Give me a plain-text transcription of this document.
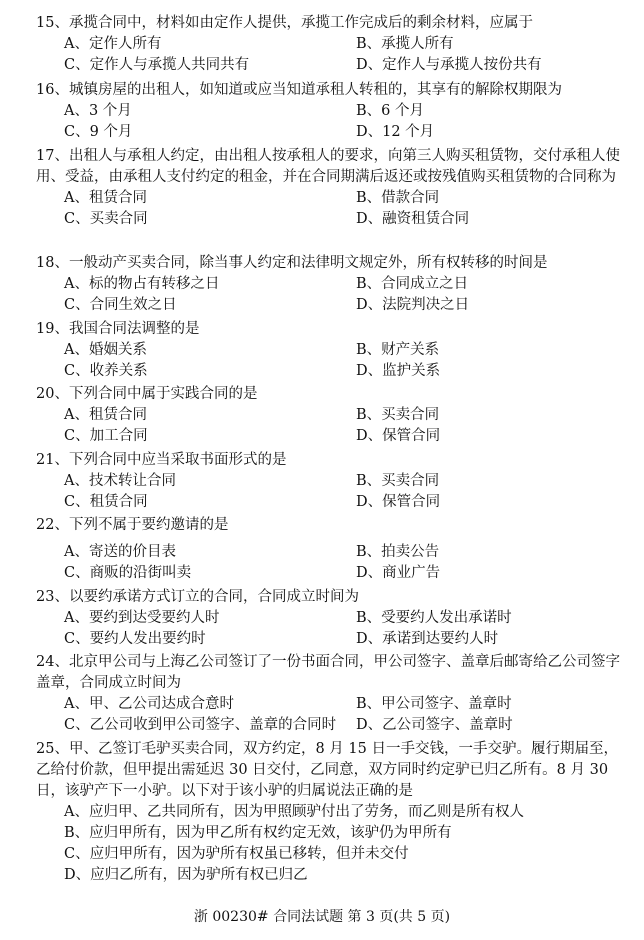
15、承揽合同中，材料如由定作人提供，承揽工作完成后的剩余材料，应属于
A、定作人所有	B、承揽人所有
C、定作人与承揽人共同共有	D、定作人与承揽人按份共有
16、城镇房屋的出租人，如知道或应当知道承租人转租的，其享有的解除权期限为
A、3 个月	B、6 个月
C、9 个月	D、12 个月
17、出租人与承租人约定，由出租人按承租人的要求，向第三人购买租赁物，交付承租人使用、受益，由承租人支付约定的租金，并在合同期满后返还或按残值购买租赁物的合同称为
A、租赁合同	B、借款合同
C、买卖合同	D、融资租赁合同
18、一般动产买卖合同，除当事人约定和法律明文规定外，所有权转移的时间是
A、标的物占有转移之日	B、合同成立之日
C、合同生效之日	D、法院判决之日
19、我国合同法调整的是
A、婚姻关系	B、财产关系
C、收养关系	D、监护关系
20、下列合同中属于实践合同的是
A、租赁合同	B、买卖合同
C、加工合同	D、保管合同
21、下列合同中应当采取书面形式的是
A、技术转让合同	B、买卖合同
C、租赁合同	D、保管合同
22、下列不属于要约邀请的是
A、寄送的价目表	B、拍卖公告
C、商贩的沿街叫卖	D、商业广告
23、以要约承诺方式订立的合同，合同成立时间为
A、要约到达受要约人时	B、受要约人发出承诺时
C、要约人发出要约时	D、承诺到达要约人时
24、北京甲公司与上海乙公司签订了一份书面合同，甲公司签字、盖章后邮寄给乙公司签字盖章，合同成立时间为
A、甲、乙公司达成合意时	B、甲公司签字、盖章时
C、乙公司收到甲公司签字、盖章的合同时	D、乙公司签字、盖章时
25、甲、乙签订毛驴买卖合同，双方约定，8 月 15 日一手交钱，一手交驴。履行期届至，乙给付价款，但甲提出需延迟 30 日交付，乙同意，双方同时约定驴已归乙所有。8 月 30 日，该驴产下一小驴。以下对于该小驴的归属说法正确的是
A、应归甲、乙共同所有，因为甲照顾驴付出了劳务，而乙则是所有权人
B、应归甲所有，因为甲乙所有权约定无效，该驴仍为甲所有
C、应归甲所有，因为驴所有权虽已移转，但并未交付
D、应归乙所有，因为驴所有权已归乙
浙 00230# 合同法试题 第 3 页(共 5 页)
